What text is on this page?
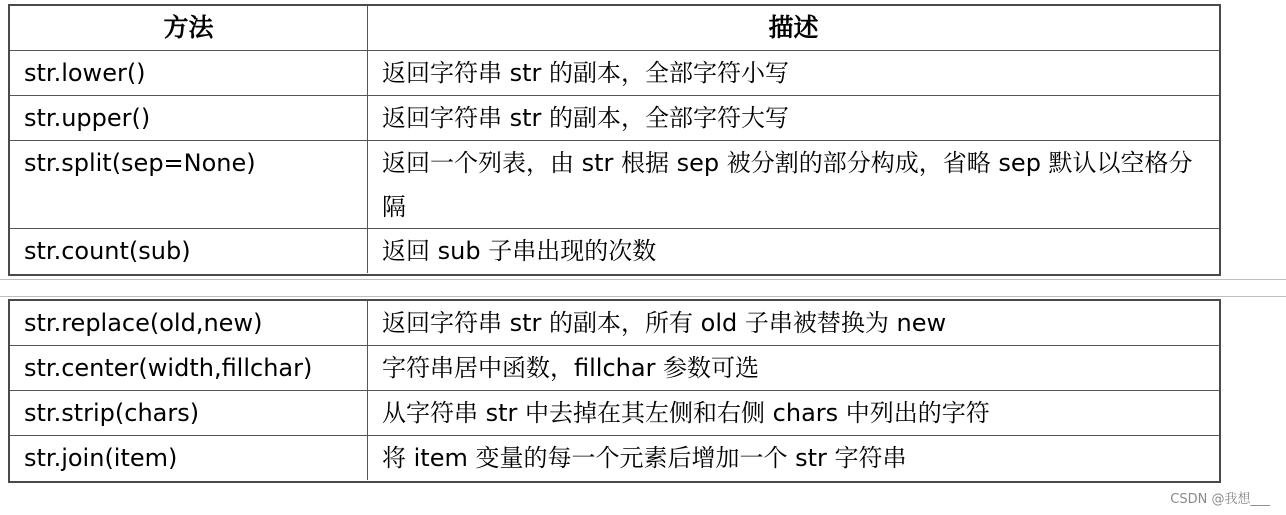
方法	描述
str.lower()	返回字符串 str 的副本，全部字符小写
str.upper()	返回字符串 str 的副本，全部字符大写
str.split(sep=None)	返回一个列表，由 str 根据 sep 被分割的部分构成，省略 sep 默认以空格分隔
str.count(sub)	返回 sub 子串出现的次数
str.replace(old,new)	返回字符串 str 的副本，所有 old 子串被替换为 new
str.center(width,fillchar)	字符串居中函数，fillchar 参数可选
str.strip(chars)	从字符串 str 中去掉在其左侧和右侧 chars 中列出的字符
str.join(item)	将 item 变量的每一个元素后增加一个 str 字符串
CSDN @我想___
